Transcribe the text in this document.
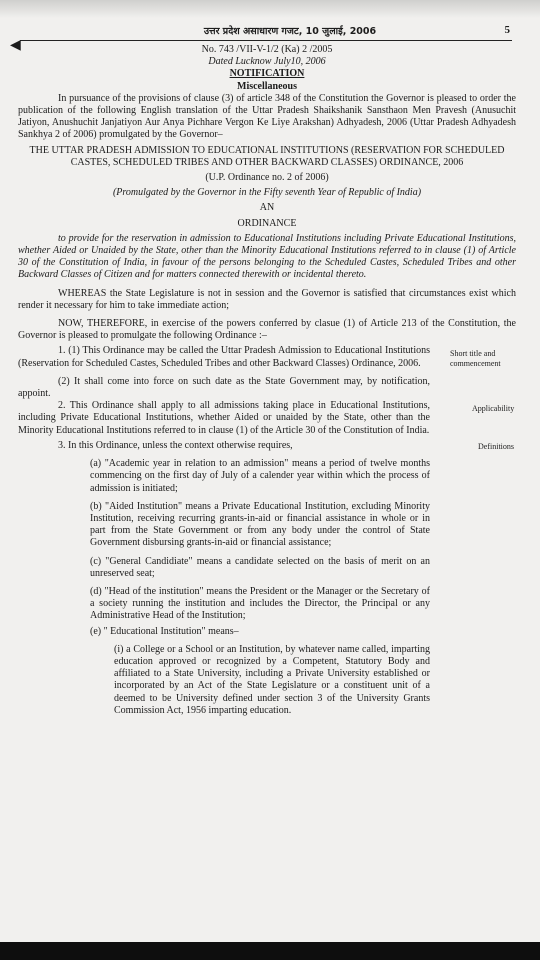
उत्तर प्रदेश असाधारण गजट, 10 जुलाई, 2006	5
◀	No. 743 /VII-V-1/2 (Ka) 2 /2005

Dated Lucknow July10, 2006

NOTIFICATION

Miscellaneous

In pursuance of the provisions of clause (3) of article 348 of the Constitution the Governor is pleased to order the publication of the following English translation of the Uttar Pradesh Shaikshanik Sansthaon Men Pravesh (Anusuchit Jatiyon, Anushuchit Janjatiyon Aur Anya Pichhare Vergon Ke Liye Arakshan) Adhyadesh, 2006 (Uttar Pradesh Adhyadesh Sankhya 2 of 2006) promulgated by the Governor–

THE UTTAR PRADESH ADMISSION TO EDUCATIONAL INSTITUTIONS (RESERVATION FOR SCHEDULED CASTES, SCHEDULED TRIBES AND OTHER BACKWARD CLASSES) ORDINANCE, 2006

(U.P. Ordinance no. 2 of 2006)

(Promulgated by the Governor in the Fifty seventh Year of Republic of India)

AN

ORDINANCE

to provide for the reservation in admission to Educational Institutions including Private Educational Institutions, whether Aided or Unaided by the State, other than the Minority Educational Institutions referred to in clause (1) of Article 30 of the Constitution of India, in favour of the persons belonging to the Scheduled Castes, Scheduled Tribes and other Backward Classes of Citizen and for matters connected therewith or incidental thereto.

WHEREAS the State Legislature is not in session and the Governor is satisfied that circumstances exist which render it necessary for him to take immediate action;

NOW, THEREFORE, in exercise of the powers conferred by clasue (1) of Article 213 of the Constitution, the Governor is pleased to promulgate the following Ordinance :–

1. (1) This Ordinance may be called the Uttar Pradesh Admission to Educational Institutions (Reservation for Scheduled Castes, Scheduled Tribes and other Backward Classes) Ordinance, 2006.

Short title and commencement

(2) It shall come into force on such date as the State Government may, by notification, appoint.

2. This Ordinance shall apply to all admissions taking place in Educational Institutions, including Private Educational Institutions, whether Aided or unaided by the State, other than the Minority Educational Institutions referred to in clause (1) of the Article 30 of the Constitution of India.

Applicability

3. In this Ordinance, unless the context otherwise requires,	Definitions

(a) "Academic year in relation to an admission" means a period of twelve months commencing on the first day of July of a calender year within which the process of admission is initiated;

(b) "Aided Institution" means a Private Educational Institution, excluding Minority Institution, receiving recurring grants-in-aid or financial assistance in whole or in part from the State Government or from any body under the control of State Government disbursing grants-in-aid or financial assistance;

(c) "General Candidiate" means a candidate selected on the basis of merit on an unreserved seat;

(d) "Head of the institution" means the President or the Manager or the Secretary of a society running the institution and includes the Director, the Principal or any Administrative Head of the Institution;

(e) " Educational Institution" means–

(i) a College or a School or an Institution, by whatever name called, imparting education approved or recognized by a Competent, Statutory Body and affiliated to a State University, including a Private University established or incorporated by an Act of the State Legislature or a constituent unit of a deemed to be University defined under section 3 of the University Grants Commission Act, 1956 imparting education.
